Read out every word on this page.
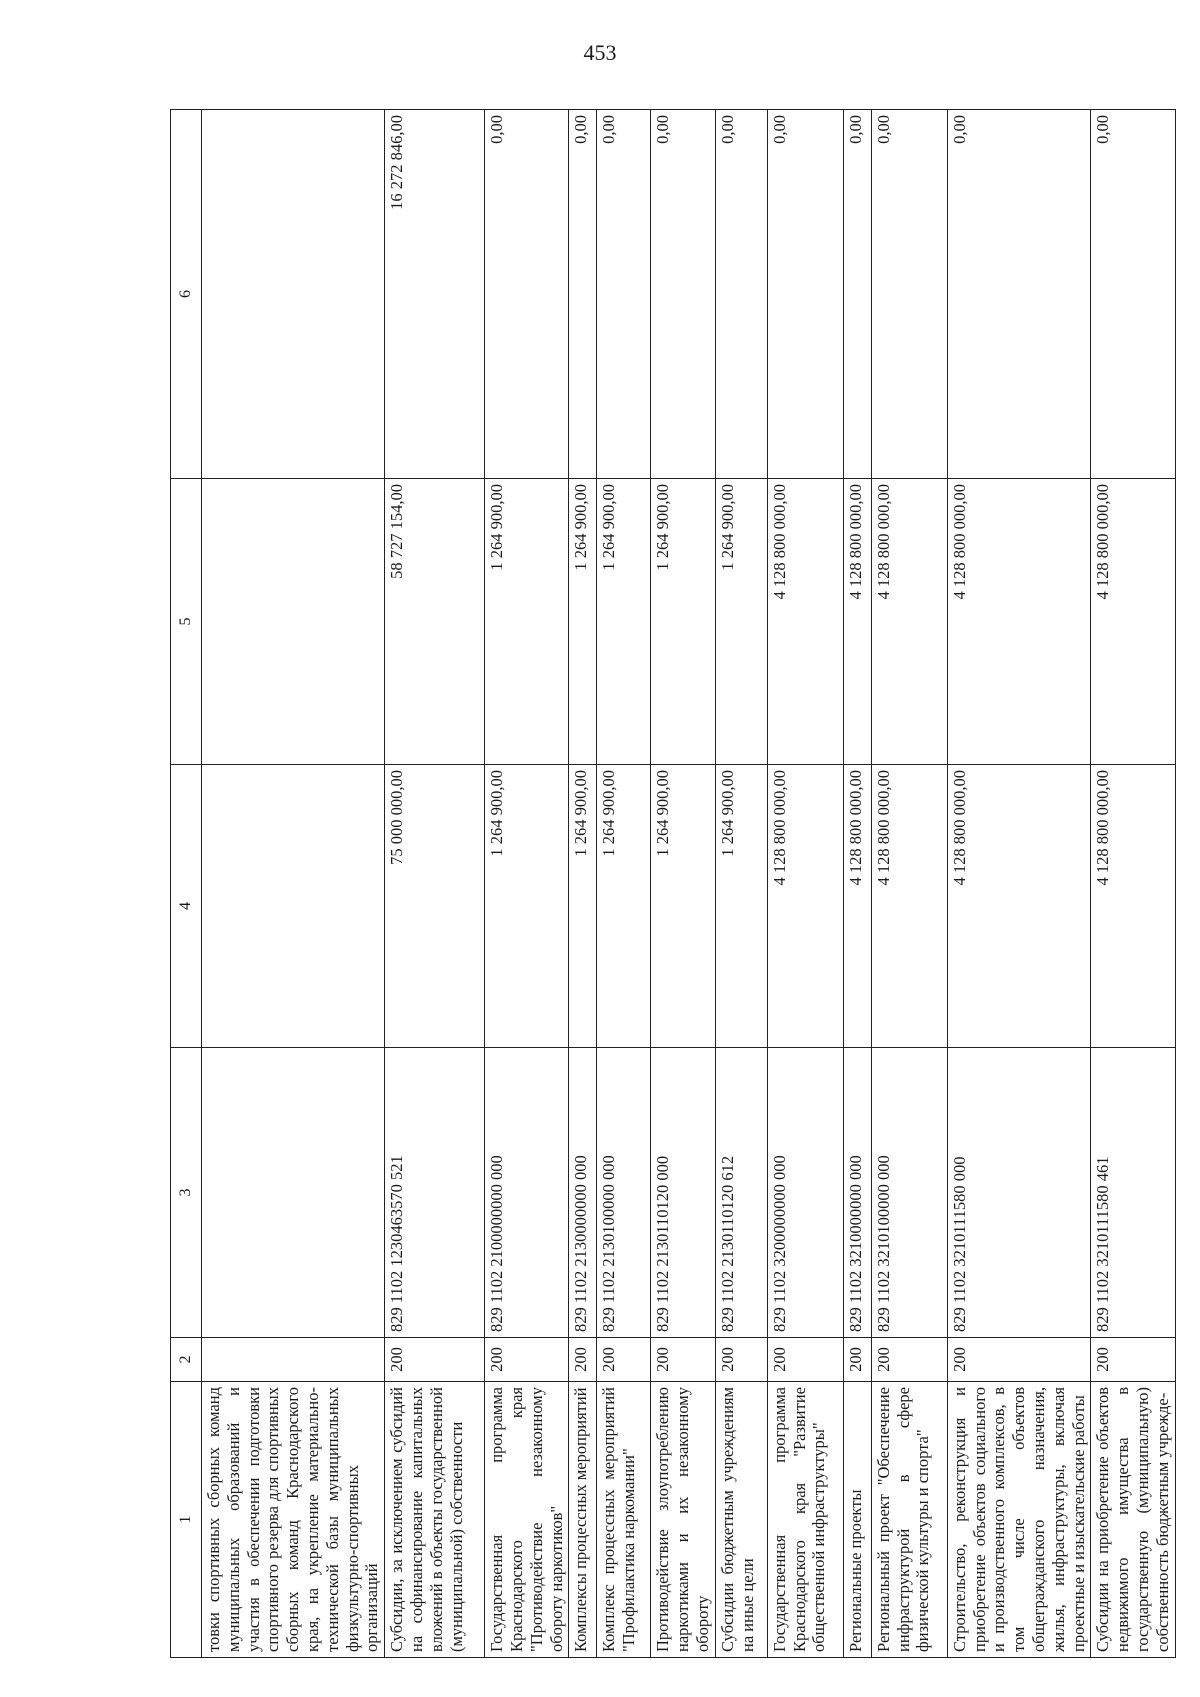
453
1	2	3	4	5	6
товки спортивных сборных команд муниципальных образований и участия в обеспечении подготовки спортивного резерва для спортивных сборных команд Краснодарского края, на укрепление материально-технической базы муниципальных физкультурно-спортивных организаций					
Субсидии, за исключением субсидий на софинансирование капитальных вложений в объекты государственной (муниципальной) собственности	200	829 1102 1230463570 521	75 000 000,00	58 727 154,00	16 272 846,00
Государственная программа Краснодарского края "Противодействие незаконному обороту наркотиков"	200	829 1102 2100000000 000	1 264 900,00	1 264 900,00	0,00
Комплексы процессных мероприятий	200	829 1102 2130000000 000	1 264 900,00	1 264 900,00	0,00
Комплекс процессных мероприятий "Профилактика наркомании"	200	829 1102 2130100000 000	1 264 900,00	1 264 900,00	0,00
Противодействие злоупотреблению наркотиками и их незаконному обороту	200	829 1102 2130110120 000	1 264 900,00	1 264 900,00	0,00
Субсидии бюджетным учреждениям на иные цели	200	829 1102 2130110120 612	1 264 900,00	1 264 900,00	0,00
Государственная программа Краснодарского края "Развитие общественной инфраструктуры"	200	829 1102 3200000000 000	4 128 800 000,00	4 128 800 000,00	0,00
Региональные проекты	200	829 1102 3210000000 000	4 128 800 000,00	4 128 800 000,00	0,00
Региональный проект "Обеспечение инфраструктурой в сфере физической культуры и спорта"	200	829 1102 3210100000 000	4 128 800 000,00	4 128 800 000,00	0,00
Строительство, реконструкция и приобретение объектов социального и производственного комплексов, в том числе объектов общегражданского назначения, жилья, инфраструктуры, включая проектные и изыскательские работы	200	829 1102 3210111580 000	4 128 800 000,00	4 128 800 000,00	0,00
Субсидии на приобретение объектов недвижимого имущества в государственную (муниципальную) собственность бюджетным учрежде-	200	829 1102 3210111580 461	4 128 800 000,00	4 128 800 000,00	0,00
